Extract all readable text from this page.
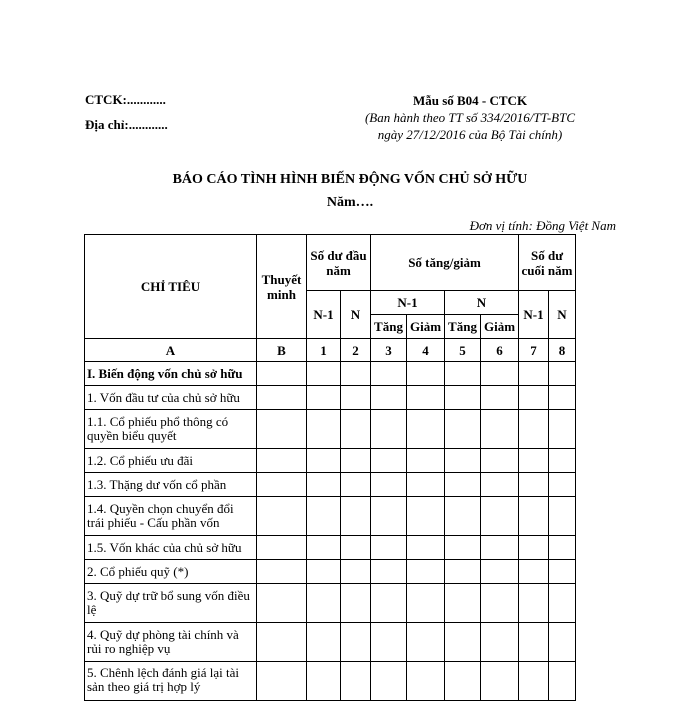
CTCK:............
Địa chỉ:............
Mẫu số B04 - CTCK
(Ban hành theo TT số 334/2016/TT-BTC
ngày 27/12/2016 của Bộ Tài chính)
BÁO CÁO TÌNH HÌNH BIẾN ĐỘNG VỐN CHỦ SỞ HỮU
Năm….
Đơn vị tính: Đồng Việt Nam
CHỈ TIÊU	Thuyết minh	Số dư đầu năm		Số tăng/giảm				Số dư cuối năm	
		N-1	N	N-1		N		N-1	N
				Tăng	Giảm	Tăng	Giảm		
A	B	1	2	3	4	5	6	7	8
I. Biến động vốn chủ sở hữu									
1. Vốn đầu tư của chủ sở hữu									
1.1. Cổ phiếu phổ thông có quyền biểu quyết									
1.2. Cổ phiếu ưu đãi									
1.3. Thặng dư vốn cổ phần									
1.4. Quyền chọn chuyển đổi trái phiếu - Cấu phần vốn									
1.5. Vốn khác của chủ sở hữu									
2. Cổ phiếu quỹ (*)									
3. Quỹ dự trữ bổ sung vốn điều lệ									
4. Quỹ dự phòng tài chính và rủi ro nghiệp vụ									
5. Chênh lệch đánh giá lại tài sản theo giá trị hợp lý									
